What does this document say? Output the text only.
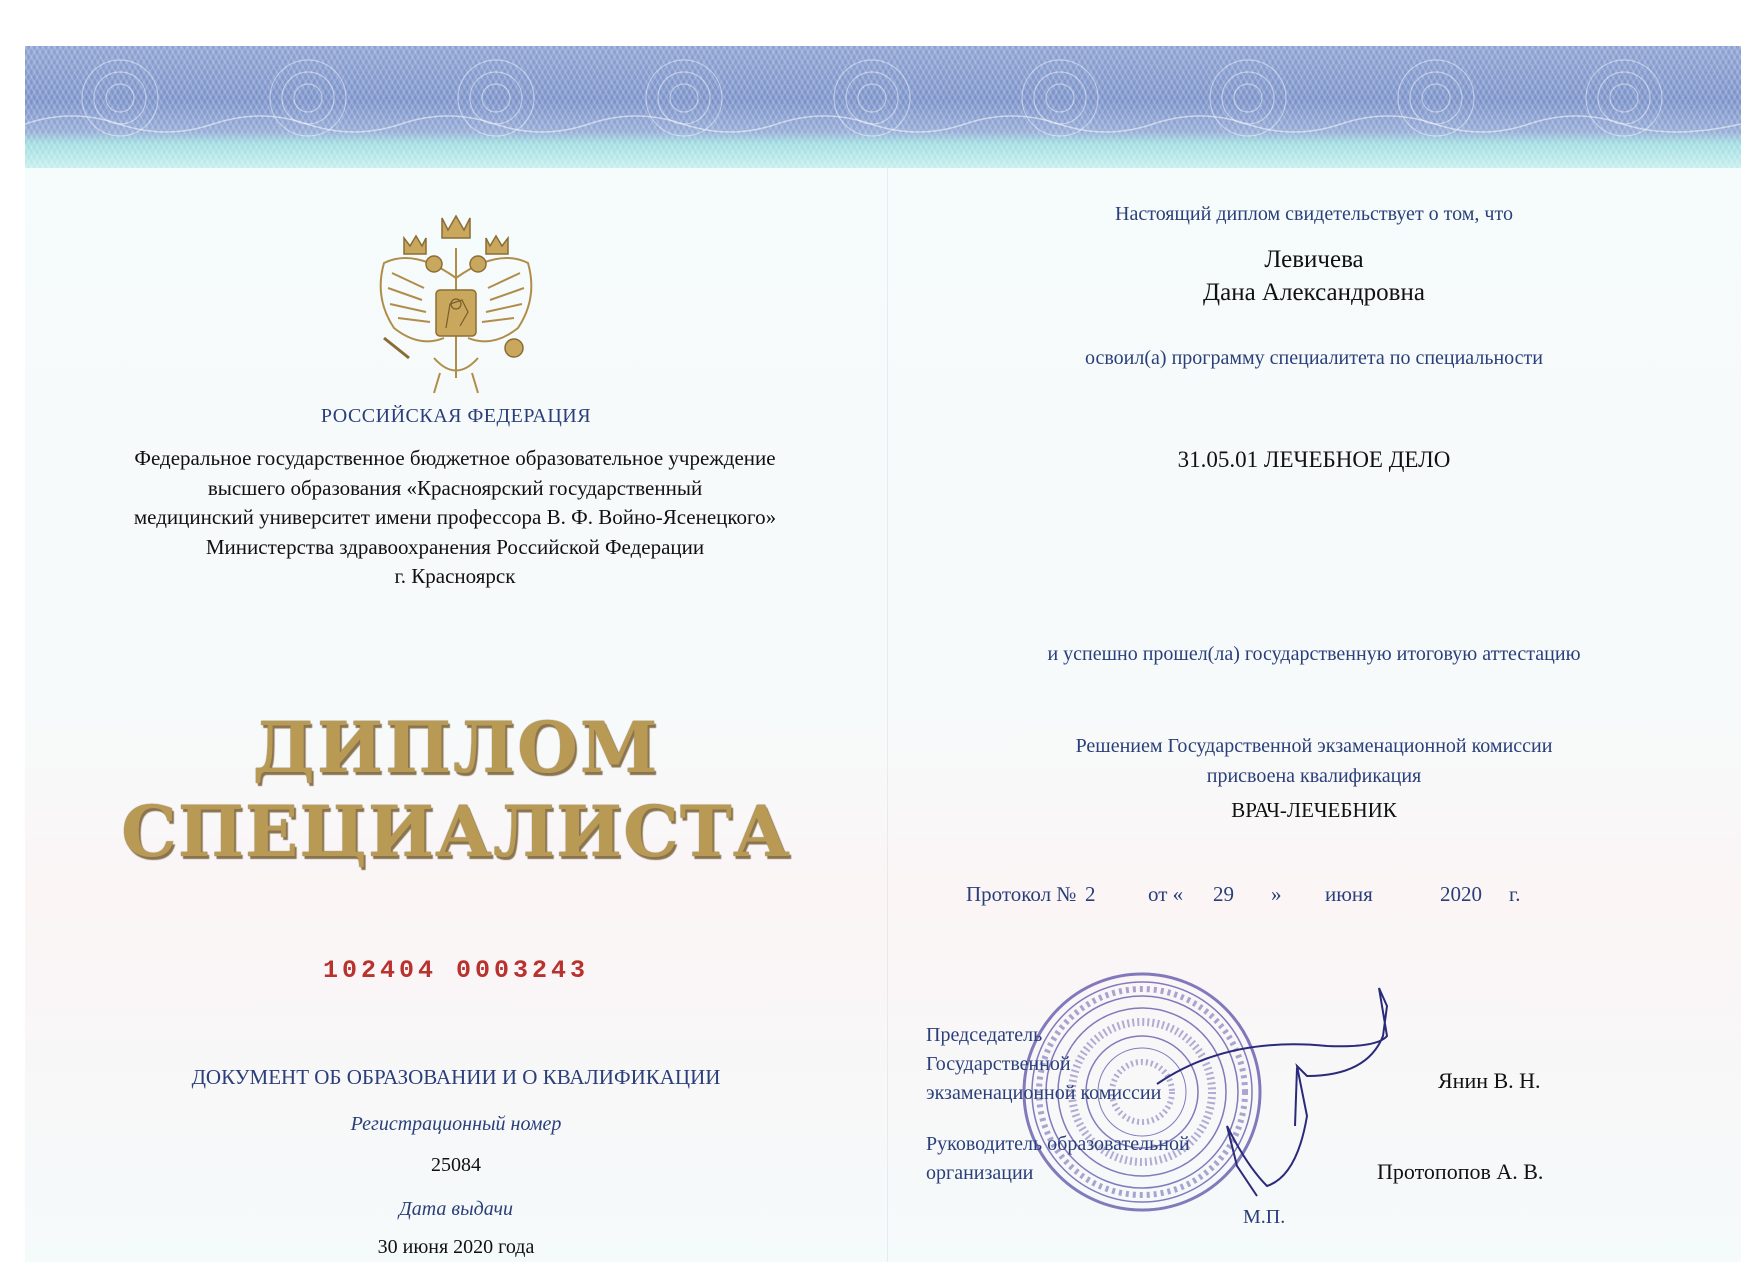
РОССИЙСКАЯ ФЕДЕРАЦИЯ

Федеральное государственное бюджетное образовательное учреждение
высшего образования «Красноярский государственный
медицинский университет имени профессора В. Ф. Войно-Ясенецкого»
Министерства здравоохранения Российской Федерации
г. Красноярск

ДИПЛОМ

СПЕЦИАЛИСТА

102404 0003243

ДОКУМЕНТ ОБ ОБРАЗОВАНИИ И О КВАЛИФИКАЦИИ

Регистрационный номер

25084

Дата выдачи

30 июня 2020 года

Настоящий диплом свидетельствует о том, что

Левичева

Дана Александровна

освоил(а) программу специалитета по специальности

31.05.01 ЛЕЧЕБНОЕ ДЕЛО

и успешно прошел(ла) государственную итоговую аттестацию

Решением Государственной экзаменационной комиссии

присвоена квалификация

ВРАЧ-ЛЕЧЕБНИК

Протокол № 2	от « 29 » июня	2020 г.

Председатель
Государственной
экзаменационной комиссии	Янин В. Н.

Руководитель образовательной
организации	Протопопов А. В.

М.П.
